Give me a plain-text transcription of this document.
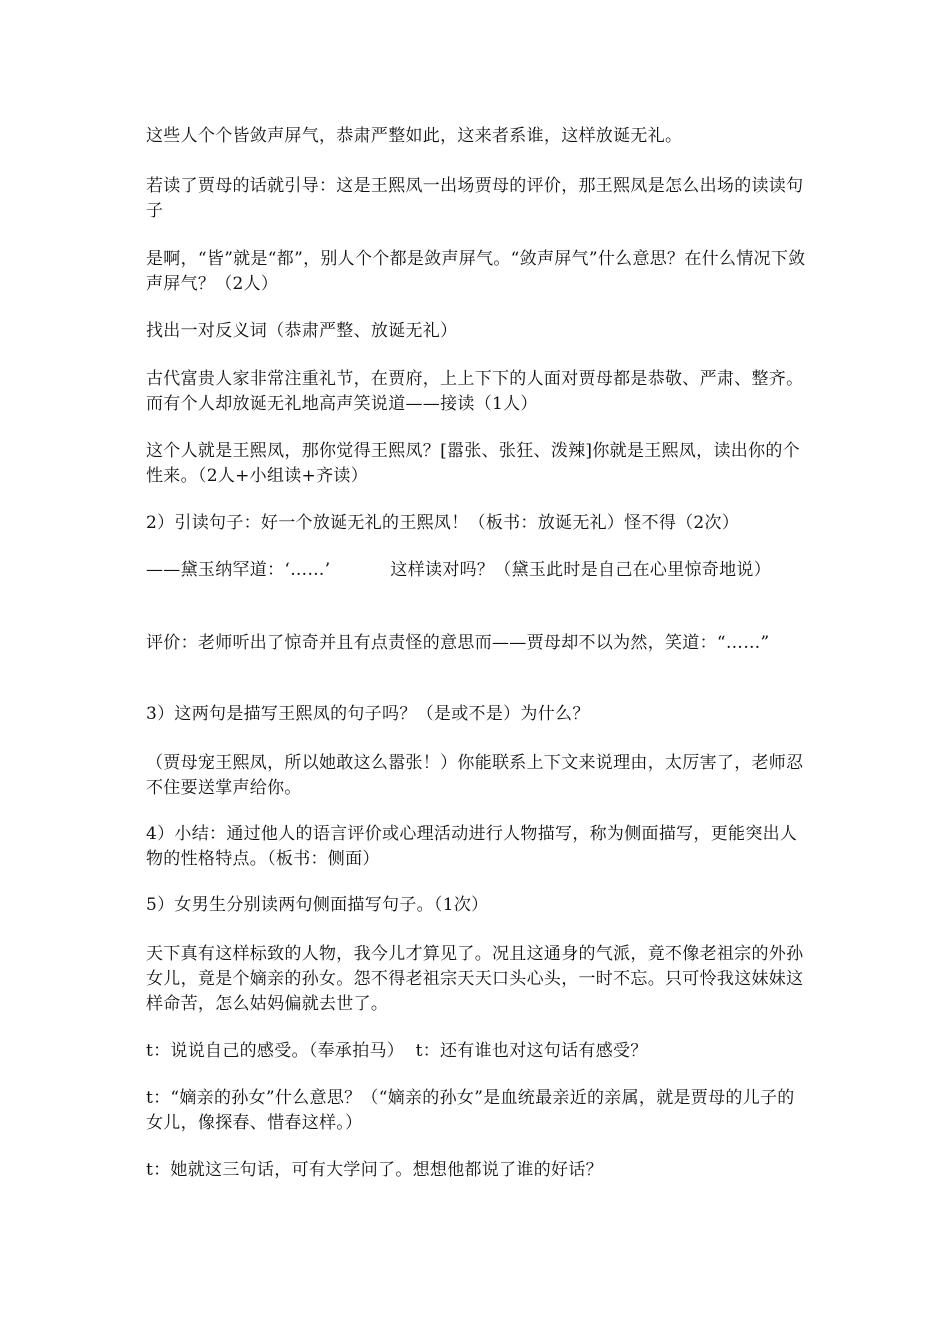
这些人个个皆敛声屏气，恭肃严整如此，这来者系谁，这样放诞无礼。

若读了贾母的话就引导：这是王熙凤一出场贾母的评价，那王熙凤是怎么出场的读读句子

是啊，“皆”就是“都”，别人个个都是敛声屏气。“敛声屏气”什么意思？在什么情况下敛声屏气？（2人）

找出一对反义词（恭肃严整、放诞无礼）

古代富贵人家非常注重礼节，在贾府，上上下下的人面对贾母都是恭敬、严肃、整齐。而有个人却放诞无礼地高声笑说道——接读（1人）

这个人就是王熙凤，那你觉得王熙凤？[嚣张、张狂、泼辣]你就是王熙凤，读出你的个性来。（2人+小组读+齐读）

2）引读句子：好一个放诞无礼的王熙凤！（板书：放诞无礼）怪不得（2次）

——黛玉纳罕道：‘……’	这样读对吗？（黛玉此时是自己在心里惊奇地说）

评价：老师听出了惊奇并且有点责怪的意思而——贾母却不以为然，笑道：“……”

3）这两句是描写王熙凤的句子吗？（是或不是）为什么？

（贾母宠王熙凤，所以她敢这么嚣张！）你能联系上下文来说理由，太厉害了，老师忍不住要送掌声给你。

4）小结：通过他人的语言评价或心理活动进行人物描写，称为侧面描写，更能突出人物的性格特点。（板书：侧面）

5）女男生分别读两句侧面描写句子。（1次）

天下真有这样标致的人物，我今儿才算见了。况且这通身的气派，竟不像老祖宗的外孙女儿，竟是个嫡亲的孙女。怨不得老祖宗天天口头心头，一时不忘。只可怜我这妹妹这样命苦，怎么姑妈偏就去世了。

t：说说自己的感受。（奉承拍马） t：还有谁也对这句话有感受？

t：“嫡亲的孙女”什么意思？（“嫡亲的孙女”是血统最亲近的亲属，就是贾母的儿子的女儿，像探春、惜春这样。）

t：她就这三句话，可有大学问了。想想他都说了谁的好话？
